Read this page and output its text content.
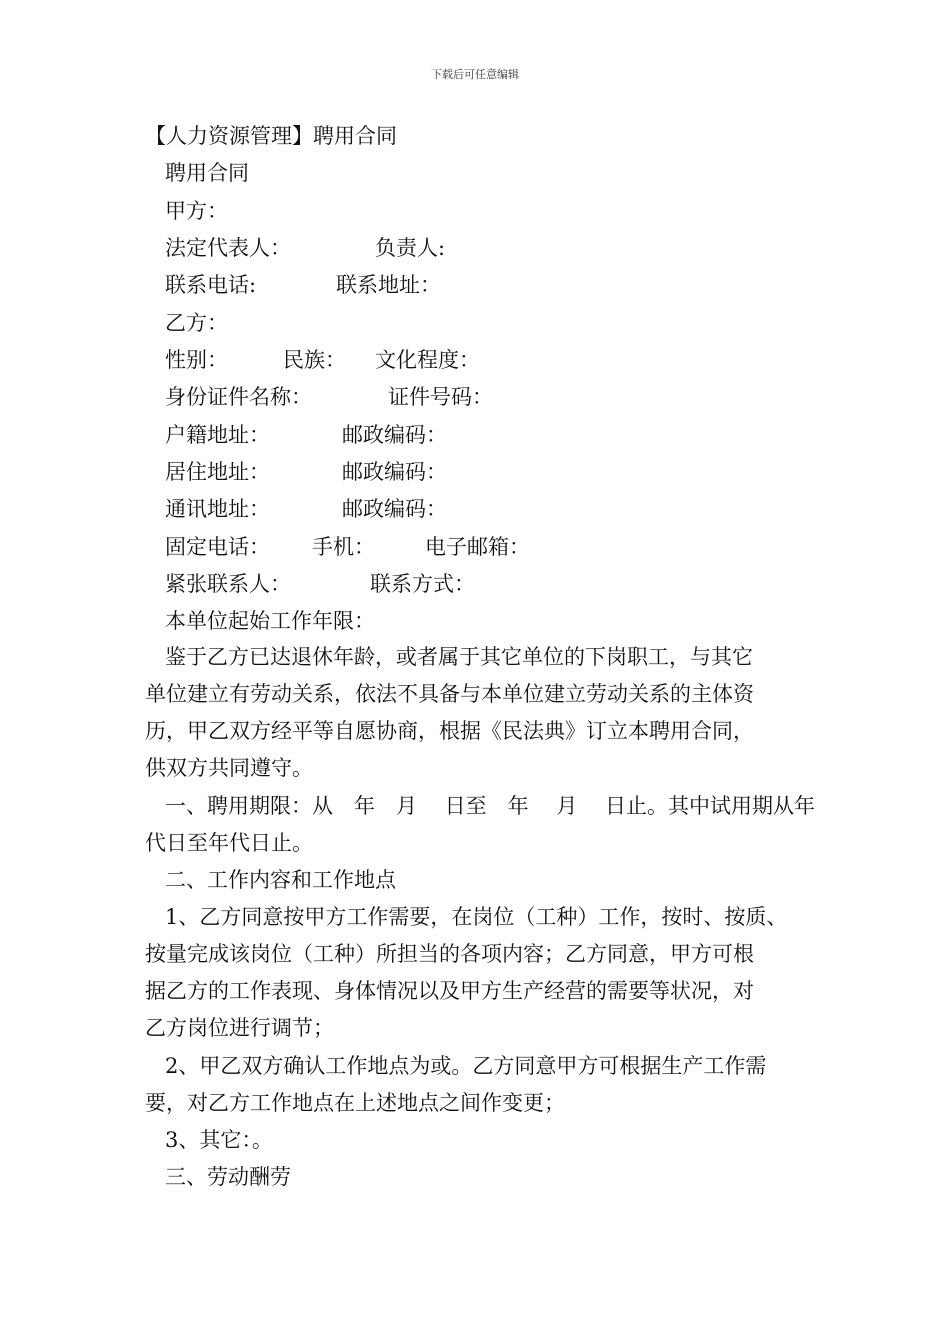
下载后可任意编辑
【人力资源管理】聘用合同
聘用合同
甲方：
法定代表人：	负责人:
联系电话:	联系地址：
乙方：
性别：	民族： 文化程度：
身份证件名称：	证件号码：
户籍地址：	邮政编码：
居住地址：	邮政编码：
通讯地址：	邮政编码：
固定电话： 手机： 电子邮箱：
紧张联系人：	联系方式：
本单位起始工作年限：
鉴于乙方已达退休年龄，或者属于其它单位的下岗职工，与其它
单位建立有劳动关系，依法不具备与本单位建立劳动关系的主体资
历，甲乙双方经平等自愿协商，根据《民法典》订立本聘用合同，
供双方共同遵守。
一、聘用期限：从　年　月　 日至　年　 月　 日止。其中试用期从年
代日至年代日止。
二、工作内容和工作地点
1、乙方同意按甲方工作需要，在岗位（工种）工作，按时、按质、
按量完成该岗位（工种）所担当的各项内容；乙方同意，甲方可根
据乙方的工作表现、身体情况以及甲方生产经营的需要等状况，对
乙方岗位进行调节；
2、甲乙双方确认工作地点为或。乙方同意甲方可根据生产工作需
要，对乙方工作地点在上述地点之间作变更；
3、其它：。
三、劳动酬劳
